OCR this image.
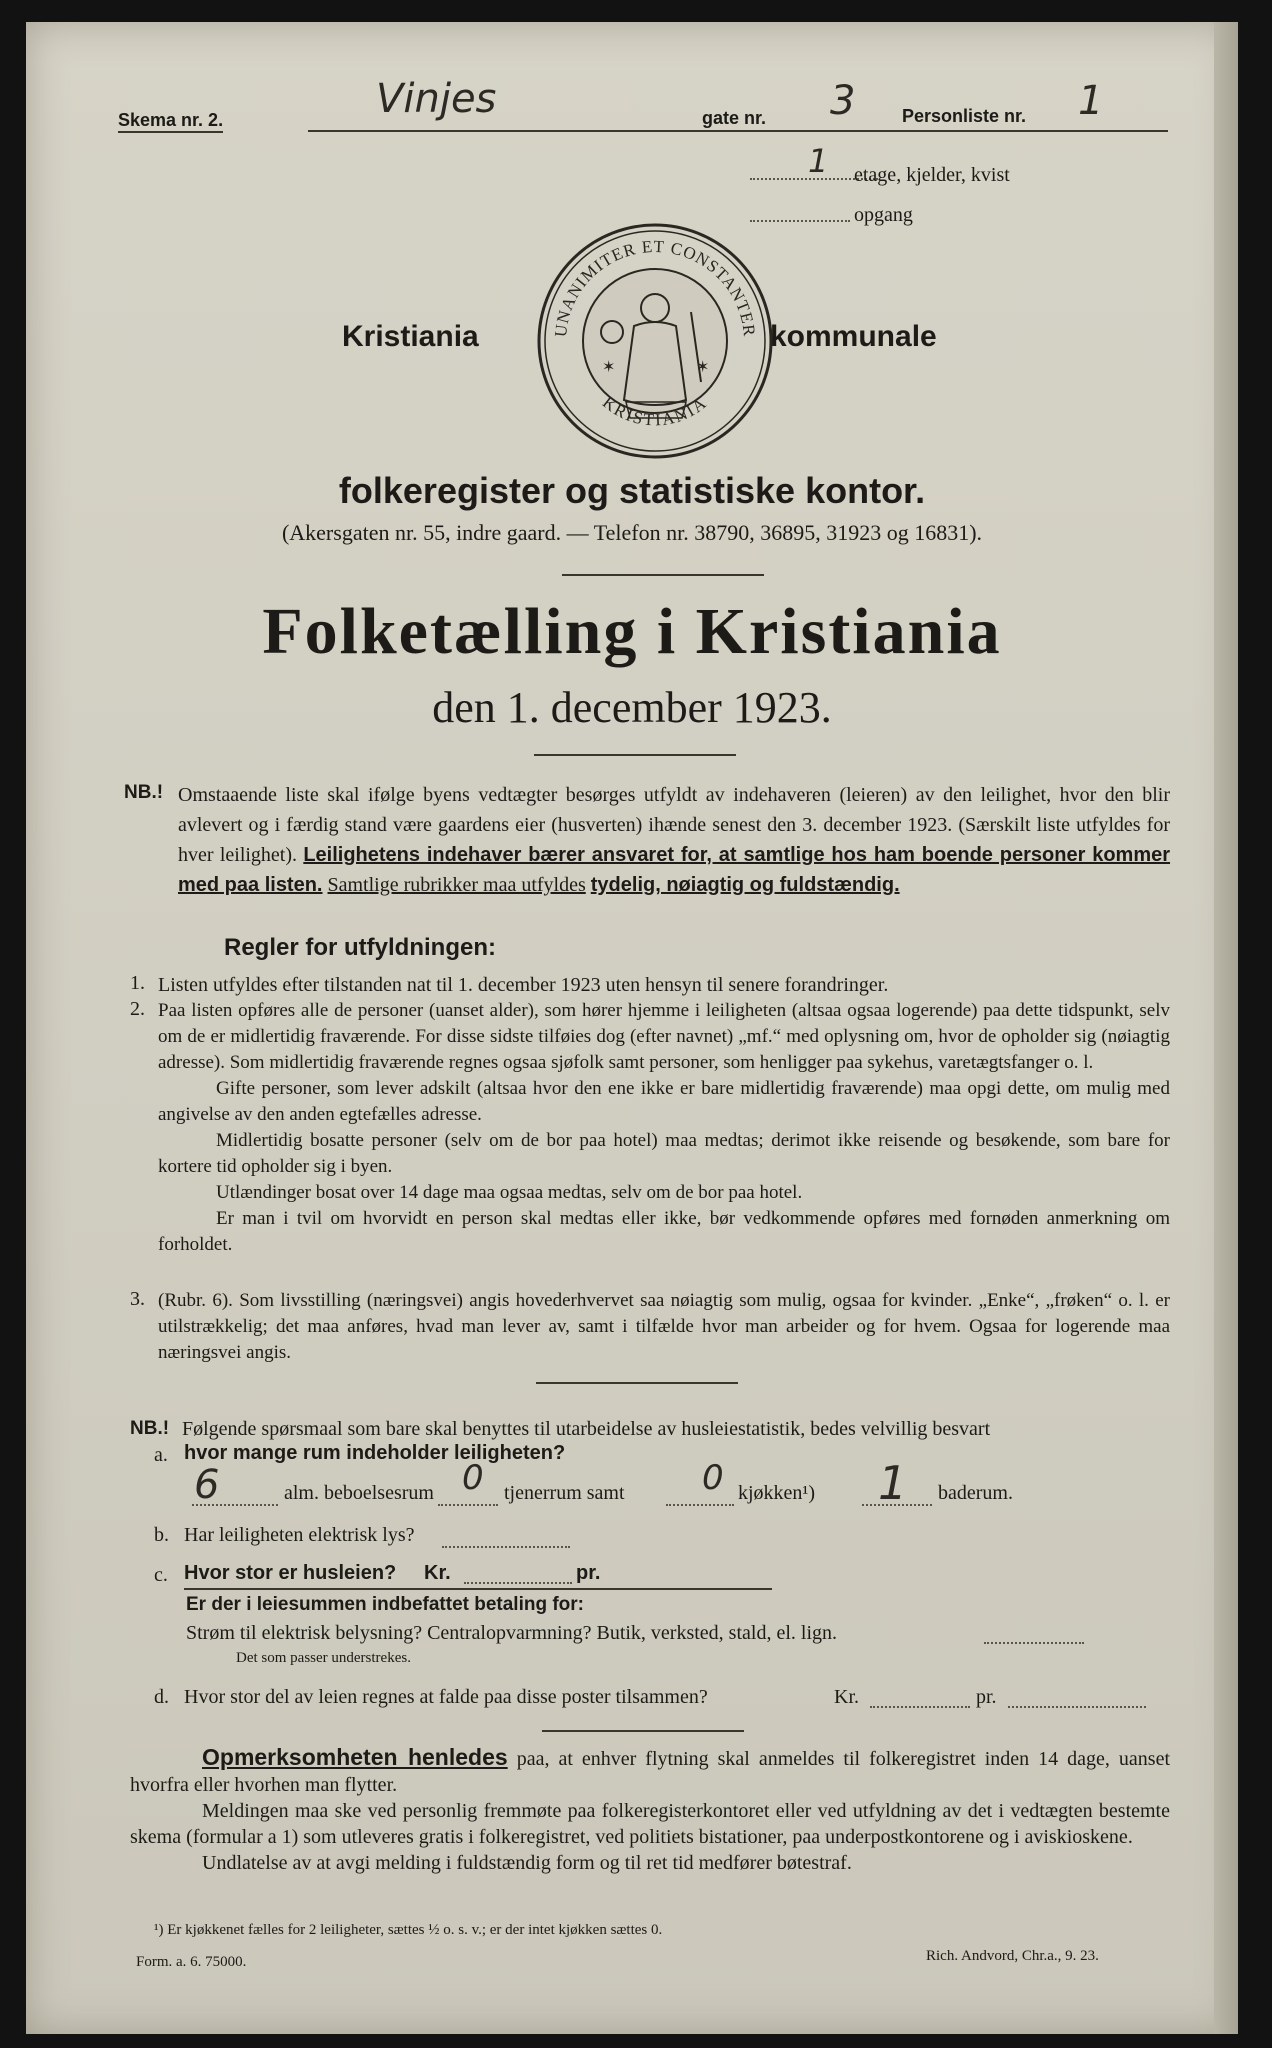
Skema nr. 2.	Vinjes	gate nr. 3	Personliste nr. 1
1 etage, kjelder, kvist
opgang
Kristiania	kommunale
UNANIMITER ET CONSTANTER
KRISTIANIA
✶	✶
folkeregister og statistiske kontor.
(Akersgaten nr. 55, indre gaard. — Telefon nr. 38790, 36895, 31923 og 16831).
Folketælling i Kristiania
den 1. december 1923.
NB.! Omstaaende liste skal ifølge byens vedtægter besørges utfyldt av indehaveren (leieren) av den leilighet, hvor den blir avlevert og i færdig stand være gaardens eier (husverten) ihænde senest den 3. december 1923. (Særskilt liste utfyldes for hver leilighet). Leilighetens indehaver bærer ansvaret for, at samtlige hos ham boende personer kommer med paa listen. Samtlige rubrikker maa utfyldes tydelig, nøiagtig og fuldstændig.
Regler for utfyldningen:
1. Listen utfyldes efter tilstanden nat til 1. december 1923 uten hensyn til senere forandringer.
2. Paa listen opføres alle de personer (uanset alder), som hører hjemme i leiligheten (altsaa ogsaa logerende) paa dette tidspunkt, selv om de er midlertidig fraværende. For disse sidste tilføies dog (efter navnet) „mf.“ med oplysning om, hvor de opholder sig (nøiagtig adresse). Som midlertidig fraværende regnes ogsaa sjøfolk samt personer, som henligger paa sykehus, varetægtsfanger o. l.
Gifte personer, som lever adskilt (altsaa hvor den ene ikke er bare midlertidig fraværende) maa opgi dette, om mulig med angivelse av den anden egtefælles adresse.
Midlertidig bosatte personer (selv om de bor paa hotel) maa medtas; derimot ikke reisende og besøkende, som bare for kortere tid opholder sig i byen.
Utlændinger bosat over 14 dage maa ogsaa medtas, selv om de bor paa hotel.
Er man i tvil om hvorvidt en person skal medtas eller ikke, bør vedkommende opføres med fornøden anmerkning om forholdet.
3. (Rubr. 6). Som livsstilling (næringsvei) angis hovederhvervet saa nøiagtig som mulig, ogsaa for kvinder. „Enke“, „frøken“ o. l. er utilstrækkelig; det maa anføres, hvad man lever av, samt i tilfælde hvor man arbeider og for hvem. Ogsaa for logerende maa næringsvei angis.
NB.! Følgende spørsmaal som bare skal benyttes til utarbeidelse av husleiestatistik, bedes velvillig besvart
a. hvor mange rum indeholder leiligheten?
6	alm. beboelsesrum 0 tjenerrum samt 0 kjøkken¹) 1 baderum.
b. Har leiligheten elektrisk lys?
c. Hvor stor er husleien? Kr.	pr.
Er der i leiesummen indbefattet betaling for:
Strøm til elektrisk belysning? Centralopvarmning? Butik, verksted, stald, el. lign.
Det som passer understrekes.
d. Hvor stor del av leien regnes at falde paa disse poster tilsammen?	Kr.	pr.
Opmerksomheten henledes paa, at enhver flytning skal anmeldes til folkeregistret inden 14 dage, uanset hvorfra eller hvorhen man flytter.
Meldingen maa ske ved personlig fremmøte paa folkeregisterkontoret eller ved utfyldning av det i vedtægten bestemte skema (formular a 1) som utleveres gratis i folkeregistret, ved politiets bistationer, paa underpostkontorene og i aviskioskene.
Undlatelse av at avgi melding i fuldstændig form og til ret tid medfører bøtestraf.
¹) Er kjøkkenet fælles for 2 leiligheter, sættes ½ o. s. v.; er der intet kjøkken sættes 0.
Form. a. 6. 75000.	Rich. Andvord, Chr.a., 9. 23.
